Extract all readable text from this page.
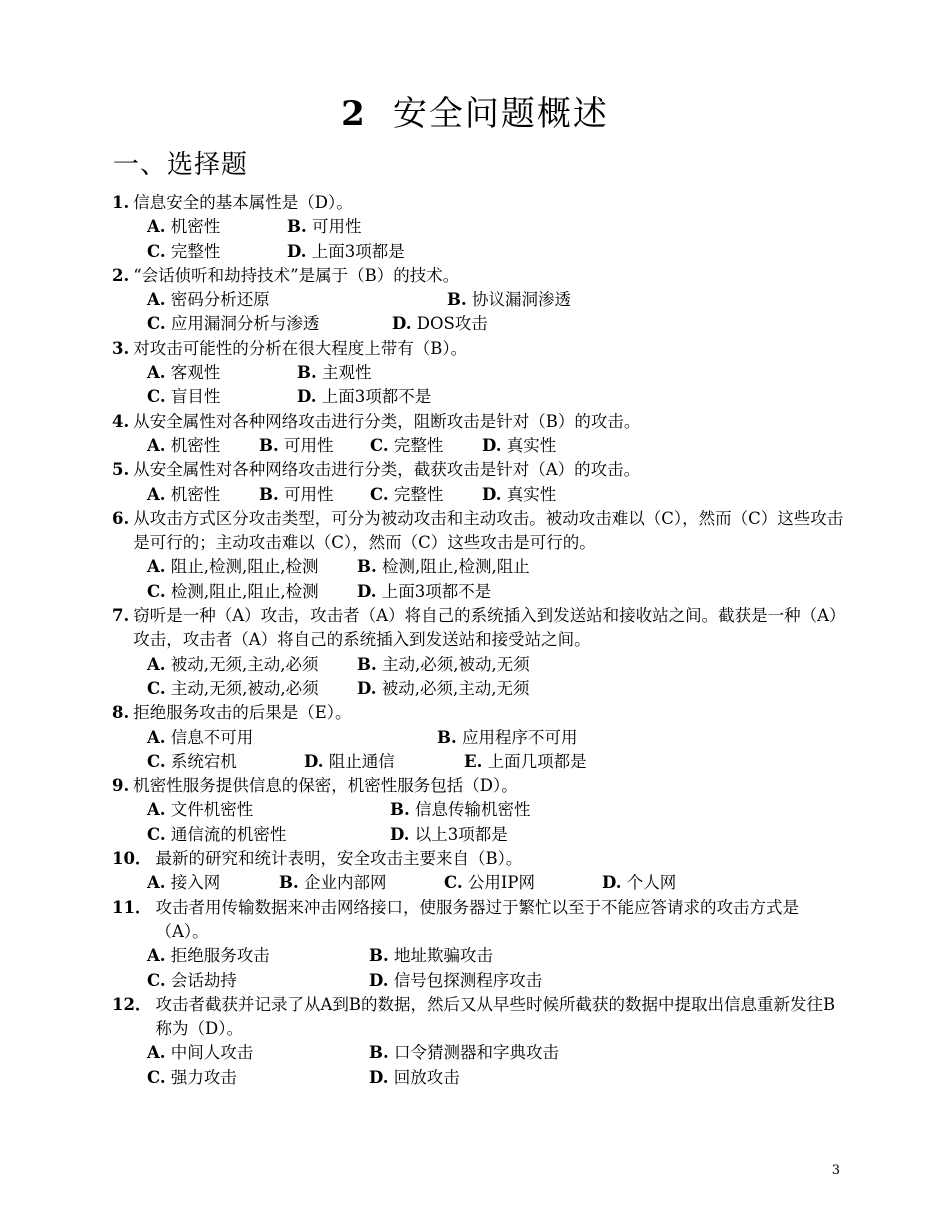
2 安全问题概述
一、选择题
1. 信息安全的基本属性是（D）。
A. 机密性	B. 可用性
C. 完整性	D. 上面3项都是
2. “会话侦听和劫持技术”是属于（B）的技术。
A. 密码分析还原	B. 协议漏洞渗透
C. 应用漏洞分析与渗透	D. DOS攻击
3. 对攻击可能性的分析在很大程度上带有（B）。
A. 客观性	B. 主观性
C. 盲目性	D. 上面3项都不是
4. 从安全属性对各种网络攻击进行分类，阻断攻击是针对（B）的攻击。
A. 机密性 B. 可用性 C. 完整性 D. 真实性
5. 从安全属性对各种网络攻击进行分类，截获攻击是针对（A）的攻击。
A. 机密性 B. 可用性 C. 完整性 D. 真实性
6. 从攻击方式区分攻击类型，可分为被动攻击和主动攻击。被动攻击难以（C），然而（C）这些攻击是可行的；主动攻击难以（C），然而（C）这些攻击是可行的。
A. 阻止,检测,阻止,检测 B. 检测,阻止,检测,阻止
C. 检测,阻止,阻止,检测 D. 上面3项都不是
7. 窃听是一种（A）攻击，攻击者（A）将自己的系统插入到发送站和接收站之间。截获是一种（A）攻击，攻击者（A）将自己的系统插入到发送站和接受站之间。
A. 被动,无须,主动,必须 B. 主动,必须,被动,无须
C. 主动,无须,被动,必须 D. 被动,必须,主动,无须
8. 拒绝服务攻击的后果是（E）。
A. 信息不可用	B. 应用程序不可用
C. 系统宕机	D. 阻止通信	E. 上面几项都是
9. 机密性服务提供信息的保密，机密性服务包括（D）。
A. 文件机密性	B. 信息传输机密性
C. 通信流的机密性	D. 以上3项都是
10． 最新的研究和统计表明，安全攻击主要来自（B）。
A. 接入网	B. 企业内部网	C. 公用IP网	D. 个人网
11． 攻击者用传输数据来冲击网络接口，使服务器过于繁忙以至于不能应答请求的攻击方式是（A）。
A. 拒绝服务攻击	B. 地址欺骗攻击
C. 会话劫持	D. 信号包探测程序攻击
12． 攻击者截获并记录了从A到B的数据，然后又从早些时候所截获的数据中提取出信息重新发往B称为（D）。
A. 中间人攻击	B. 口令猜测器和字典攻击
C. 强力攻击	D. 回放攻击
3
